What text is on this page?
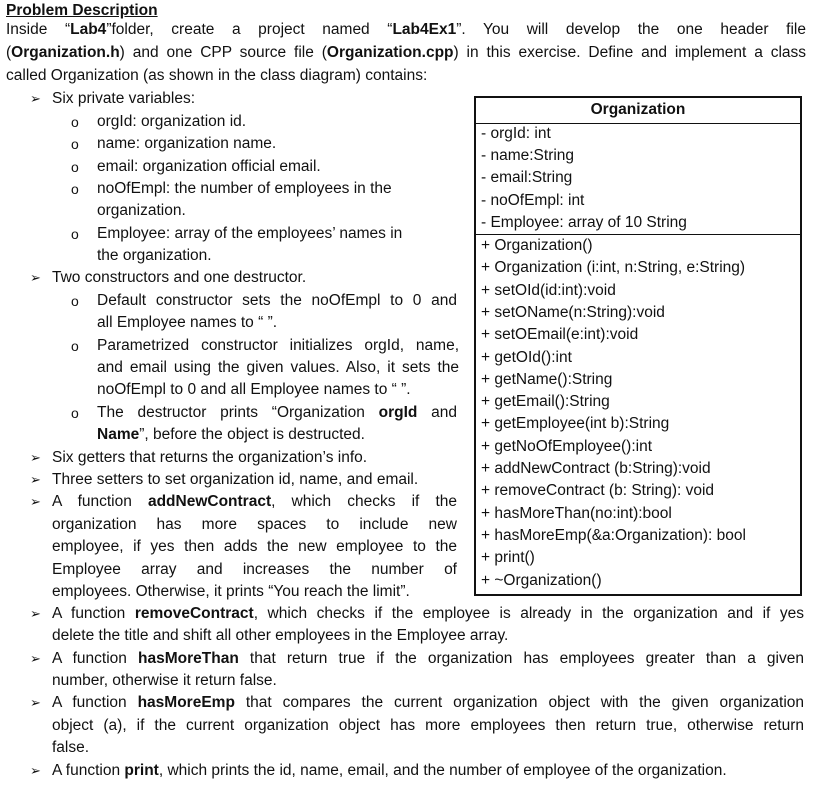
Problem Description
Inside “Lab4”folder, create a project named “Lab4Ex1”. You will develop the one header file
(Organization.h) and one CPP source file (Organization.cpp) in this exercise. Define and implement a class
called Organization (as shown in the class diagram) contains:
➢ Six private variables:
o orgId: organization id.
o name: organization name.
o email: organization official email.
o noOfEmpl: the number of employees in the
organization.
o Employee: array of the employees’ names in
the organization.
➢ Two constructors and one destructor.
o Default constructor sets the noOfEmpl to 0 and
all Employee names to “ ”.
o Parametrized constructor initializes orgId, name,
and email using the given values. Also, it sets the
noOfEmpl to 0 and all Employee names to “ ”.
o The destructor prints “Organization orgId and
Name”, before the object is destructed.
➢ Six getters that returns the organization’s info.
➢ Three setters to set organization id, name, and email.
➢ A function addNewContract, which checks if the
organization has more spaces to include new
employee, if yes then adds the new employee to the
Employee array and increases the number of
employees. Otherwise, it prints “You reach the limit”.
➢ A function removeContract, which checks if the employee is already in the organization and if yes
delete the title and shift all other employees in the Employee array.
➢ A function hasMoreThan that return true if the organization has employees greater than a given
number, otherwise it return false.
➢ A function hasMoreEmp that compares the current organization object with the given organization
object (a), if the current organization object has more employees then return true, otherwise return
false.
➢ A function print, which prints the id, name, email, and the number of employee of the organization.
Organization
- orgId: int
- name:String
- email:String
- noOfEmpl: int
- Employee: array of 10 String
+ Organization()
+ Organization (i:int, n:String, e:String)
+ setOId(id:int):void
+ setOName(n:String):void
+ setOEmail(e:int):void
+ getOId():int
+ getName():String
+ getEmail():String
+ getEmployee(int b):String
+ getNoOfEmployee():int
+ addNewContract (b:String):void
+ removeContract (b: String): void
+ hasMoreThan(no:int):bool
+ hasMoreEmp(&a:Organization): bool
+ print()
+ ~Organization()
